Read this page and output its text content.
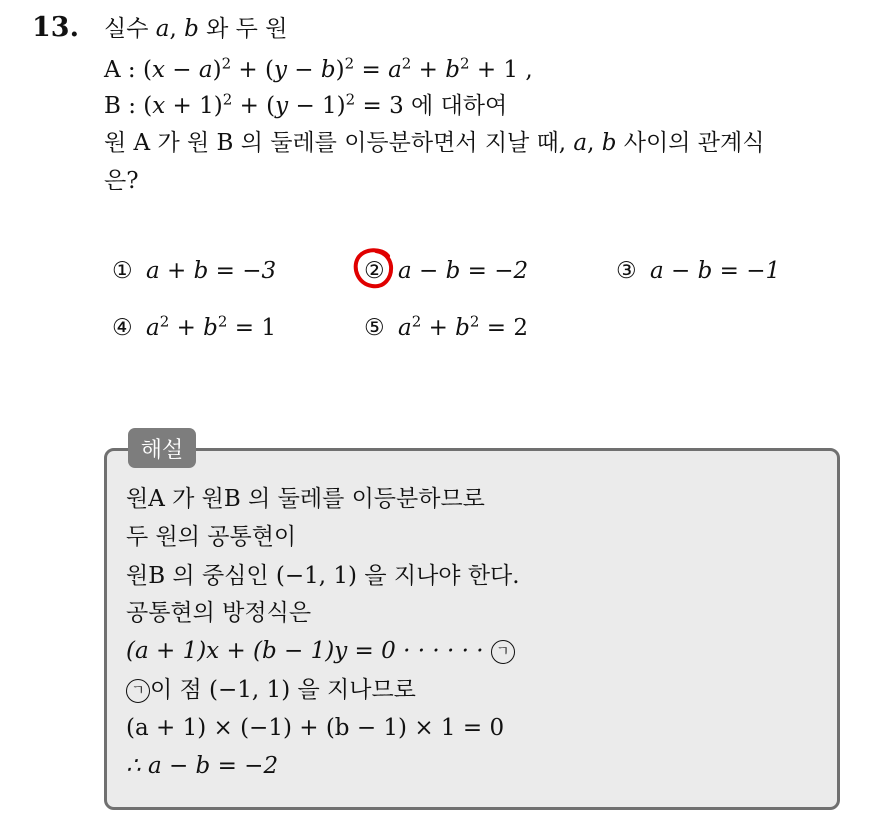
13. 실수 a, b 와 두 원
A : $(x - a)^2 + (y - b)^2 = a^2 + b^2 + 1$ ,
B : $(x + 1)^2 + (y - 1)^2 = 3$ 에 대하여
원 A 가 원 B 의 둘레를 이등분하면서 지날 때, a, b 사이의 관계식
은?
① a + b = −3	② a − b = −2	③ a − b = −1
④ $a^2 + b^2 = 1$	⑤ $a^2 + b^2 = 2$
해설
원A 가 원B 의 둘레를 이등분하므로
두 원의 공통현이
원B 의 중심인 (−1, 1) 을 지나야 한다.
공통현의 방정식은
(a + 1)x + (b − 1)y = 0 · · · · · · ㄱ
ㄱ 이 점 (−1, 1) 을 지나므로
(a + 1) × (−1) + (b − 1) × 1 = 0
∴ a − b = −2
